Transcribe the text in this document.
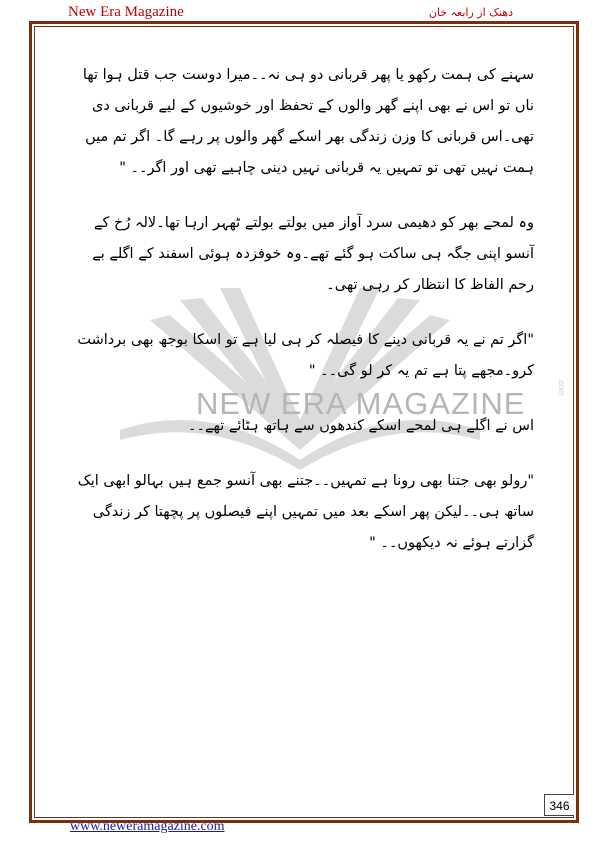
New Era Magazine	دھنک از رابعہ خان
NEW ERA MAGAZINE	.com

سہنے کی ہمت رکھو یا پھر قربانی دو ہی نہ۔۔میرا دوست جب قتل ہوا تھا ناں تو اس نے بھی اپنے گھر والوں کے تحفظ اور خوشیوں کے لیے قربانی دی تھی۔اس قربانی کا وزن زندگی بھر اسکے گھر والوں پر رہے گا۔ اگر تم میں ہمت نہیں تھی تو تمہیں یہ قربانی نہیں دینی چاہیے تھی اور اگر۔۔ "

وہ لمحے بھر کو دھیمی سرد آواز میں بولتے بولتے ٹھہر ارہا تھا۔لالہ رُخ کے آنسو اپنی جگہ ہی ساکت ہو گئے تھے۔وہ خوفزدہ ہوئی اسفند کے اگلے بے رحم الفاظ کا انتظار کر رہی تھی۔

"اگر تم نے یہ قربانی دینے کا فیصلہ کر ہی لیا ہے تو اسکا بوجھ بھی برداشت کرو۔مجھے پتا ہے تم یہ کر لو گی۔۔ "

اس نے اگلے ہی لمحے اسکے کندھوں سے ہاتھ ہٹائے تھے۔۔

"رولو بھی جتنا بھی رونا ہے تمہیں۔۔جتنے بھی آنسو جمع ہیں بہالو ابھی ایک ساتھ ہی۔۔لیکن پھر اسکے بعد میں تمہیں اپنے فیصلوں پر پچھتا کر زندگی گزارتے ہوئے نہ دیکھوں۔۔ "

346
www.neweramagazine.com
